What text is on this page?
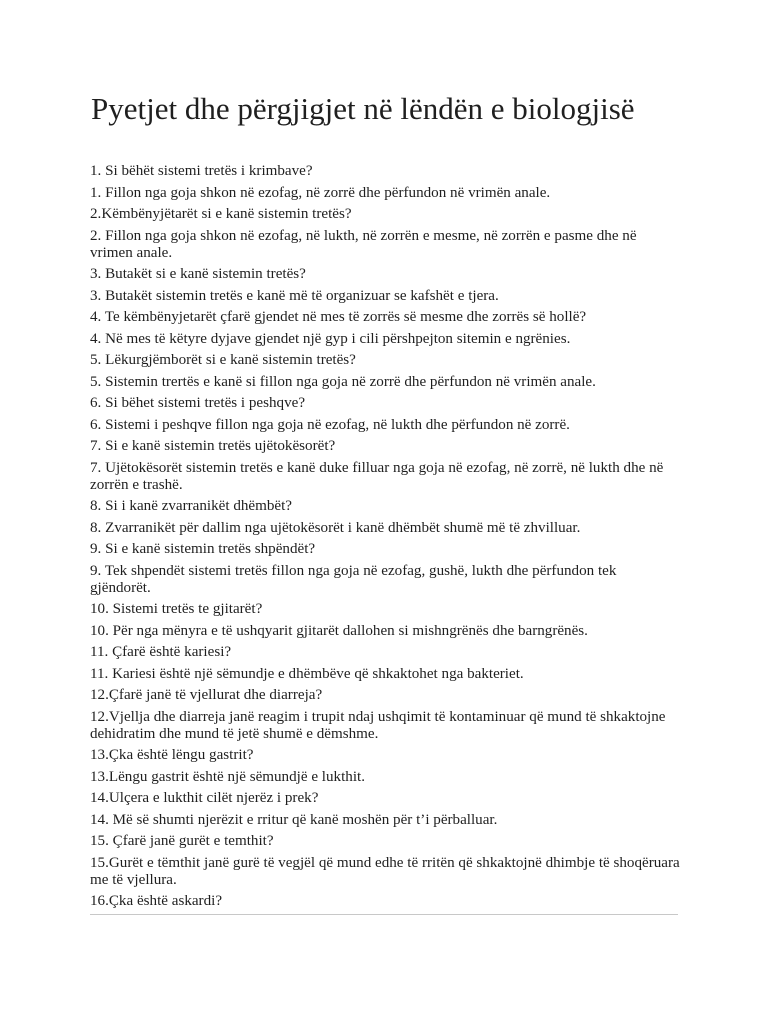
Pyetjet dhe përgjigjet në lëndën e biologjisë

1. Si bëhët sistemi tretës i krimbave?

1. Fillon nga goja shkon në ezofag, në zorrë dhe përfundon në vrimën anale.

2.Këmbënyjëtarët si e kanë sistemin tretës?

2. Fillon nga goja shkon në ezofag, në lukth, në zorrën e mesme, në zorrën e pasme dhe në vrimen anale.

3. Butakët si e kanë sistemin tretës?

3. Butakët sistemin tretës e kanë më të organizuar se kafshët e tjera.

4. Te këmbënyjetarët çfarë gjendet në mes të zorrës së mesme dhe zorrës së hollë?

4. Në mes të këtyre dyjave gjendet një gyp i cili përshpejton sitemin e ngrënies.

5. Lëkurgjëmborët si e kanë sistemin tretës?

5. Sistemin trertës e kanë si fillon nga goja në zorrë dhe përfundon në vrimën anale.

6. Si bëhet sistemi tretës i peshqve?

6. Sistemi i peshqve fillon nga goja në ezofag, në lukth dhe përfundon në zorrë.

7. Si e kanë sistemin tretës ujëtokësorët?

7. Ujëtokësorët sistemin tretës e kanë duke filluar nga goja në ezofag, në zorrë, në lukth dhe në zorrën e trashë.

8. Si i kanë zvarranikët dhëmbët?

8. Zvarranikët për dallim nga ujëtokësorët i kanë dhëmbët shumë më të zhvilluar.

9. Si e kanë sistemin tretës shpëndët?

9. Tek shpendët sistemi tretës fillon nga goja në ezofag, gushë, lukth dhe përfundon tek gjëndorët.

10. Sistemi tretës te gjitarët?

10. Për nga mënyra e të ushqyarit gjitarët dallohen si mishngrënës dhe barngrënës.

11. Çfarë është kariesi?

11. Kariesi është një sëmundje e dhëmbëve që shkaktohet nga bakteriet.

12.Çfarë janë të vjellurat dhe diarreja?

12.Vjellja dhe diarreja janë reagim i trupit ndaj ushqimit të kontaminuar që mund të shkaktojne dehidratim dhe mund të jetë shumë e dëmshme.

13.Çka është lëngu gastrit?

13.Lëngu gastrit është një sëmundjë e lukthit.

14.Ulçera e lukthit cilët njerëz i prek?

14. Më së shumti njerëzit e rritur që kanë moshën për t’i përballuar.

15. Çfarë janë gurët e temthit?

15.Gurët e tëmthit janë gurë të vegjël që mund edhe të rritën që shkaktojnë dhimbje të shoqëruara me të vjellura.

16.Çka është askardi?
